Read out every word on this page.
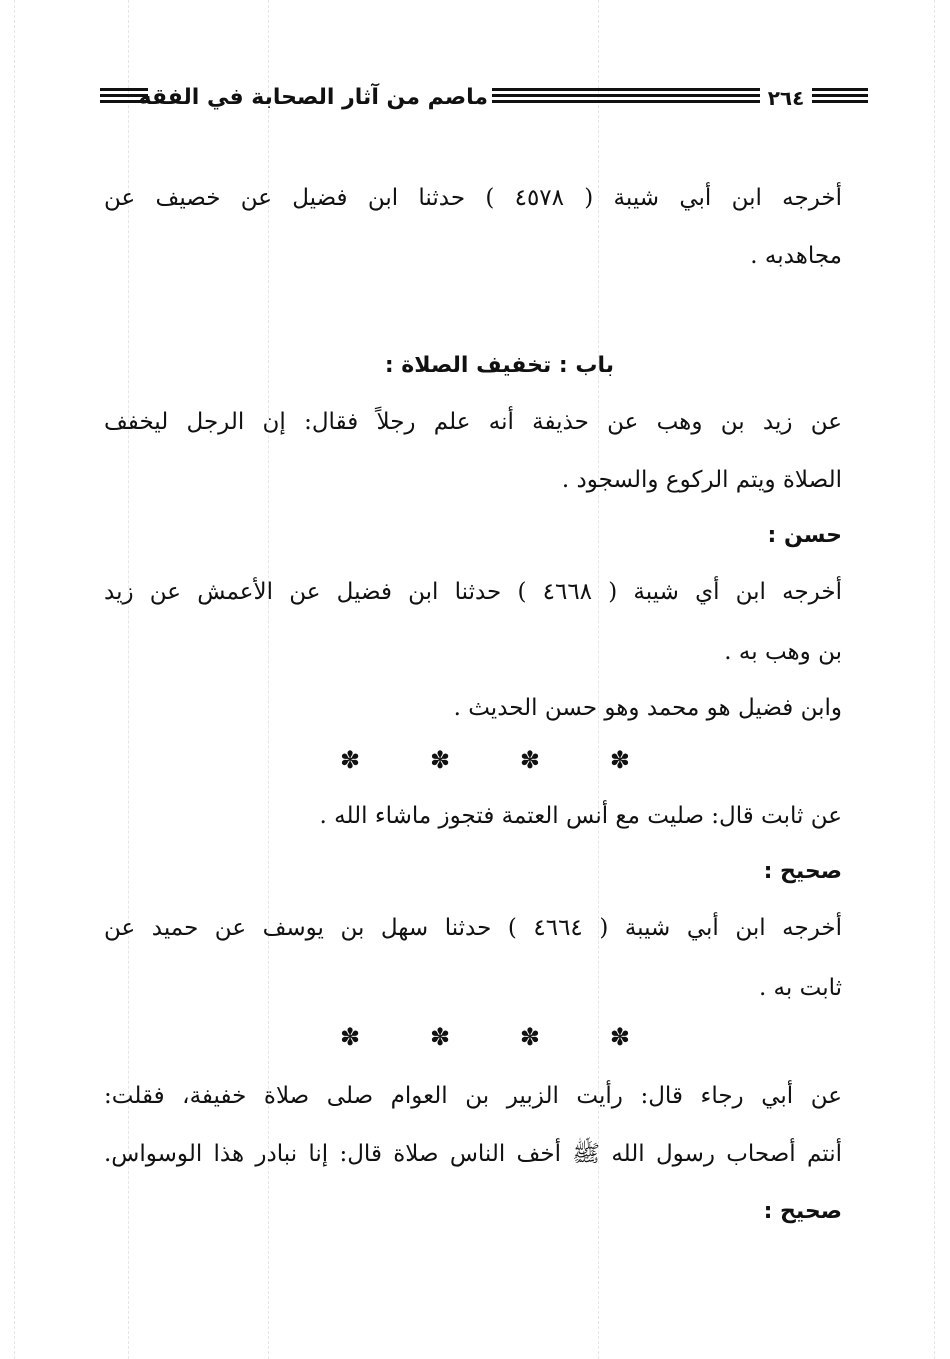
ماصم من آثار الصحابة في الفقه	٢٦٤
أخرجه ابن أبي شيبة ( ٤٥٧٨ ) حدثنا ابن فضيل عن خصيف عن
مجاهدبه .
باب : تخفيف الصلاة :
عن زيد بن وهب عن حذيفة أنه علم رجلاً فقال: إن الرجل ليخفف
الصلاة ويتم الركوع والسجود .
حسن :
أخرجه ابن أي شيبة ( ٤٦٦٨ ) حدثنا ابن فضيل عن الأعمش عن زيد
بن وهب به .
وابن فضيل هو محمد وهو حسن الحديث .
✽	✽	✽	✽
عن ثابت قال: صليت مع أنس العتمة فتجوز ماشاء الله .
صحيح :
أخرجه ابن أبي شيبة ( ٤٦٦٤ ) حدثنا سهل بن يوسف عن حميد عن
ثابت به .
✽	✽	✽	✽
عن أبي رجاء قال: رأيت الزبير بن العوام صلى صلاة خفيفة، فقلت:
أنتم أصحاب رسول الله ﷺ أخف الناس صلاة قال: إنا نبادر هذا الوسواس.
صحيح :
